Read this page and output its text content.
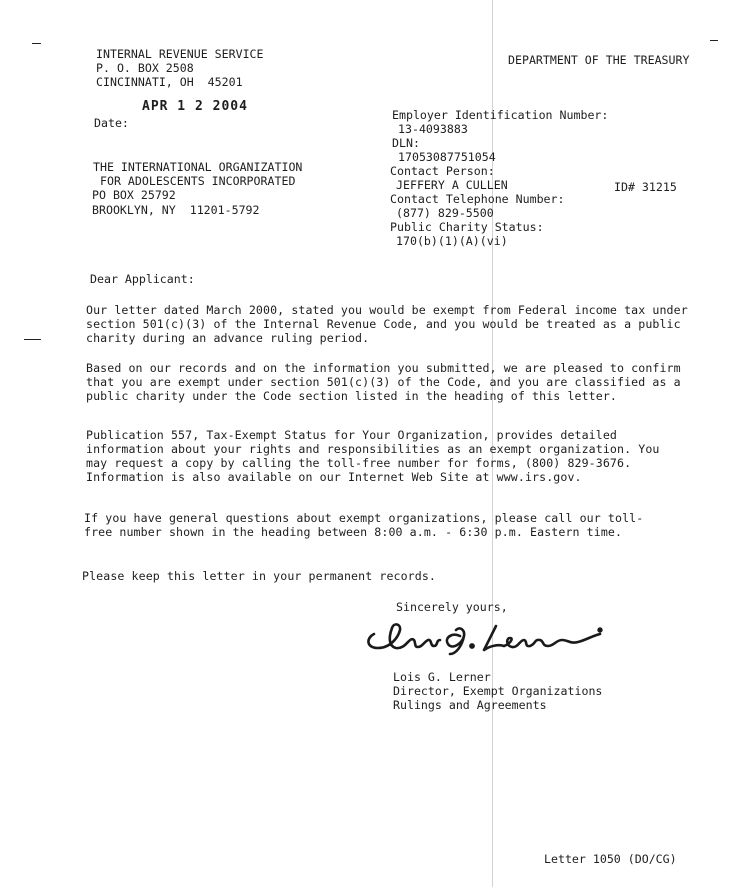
INTERNAL REVENUE SERVICE
P. O. BOX 2508
CINCINNATI, OH  45201
DEPARTMENT OF THE TREASURY
APR 1 2 2004
Date:
THE INTERNATIONAL ORGANIZATION
FOR ADOLESCENTS INCORPORATED
PO BOX 25792
BROOKLYN, NY  11201-5792
Employer Identification Number:
13-4093883
DLN:
17053087751054
Contact Person:
JEFFERY A CULLEN	ID# 31215
Contact Telephone Number:
(877) 829-5500
Public Charity Status:
170(b)(1)(A)(vi)
Dear Applicant:
Our letter dated March 2000, stated you would be exempt from Federal income tax under section 501(c)(3) of the Internal Revenue Code, and you would be treated as a public charity during an advance ruling period.
Based on our records and on the information you submitted, we are pleased to confirm that you are exempt under section 501(c)(3) of the Code, and you are classified as a public charity under the Code section listed in the heading of this letter.
Publication 557, Tax-Exempt Status for Your Organization, provides detailed information about your rights and responsibilities as an exempt organization. You may request a copy by calling the toll-free number for forms, (800) 829-3676. Information is also available on our Internet Web Site at www.irs.gov.
If you have general questions about exempt organizations, please call our toll-free number shown in the heading between 8:00 a.m. - 6:30 p.m. Eastern time.
Please keep this letter in your permanent records.
Sincerely yours,
Lois G. Lerner
Director, Exempt Organizations
Rulings and Agreements
Letter 1050 (DO/CG)
